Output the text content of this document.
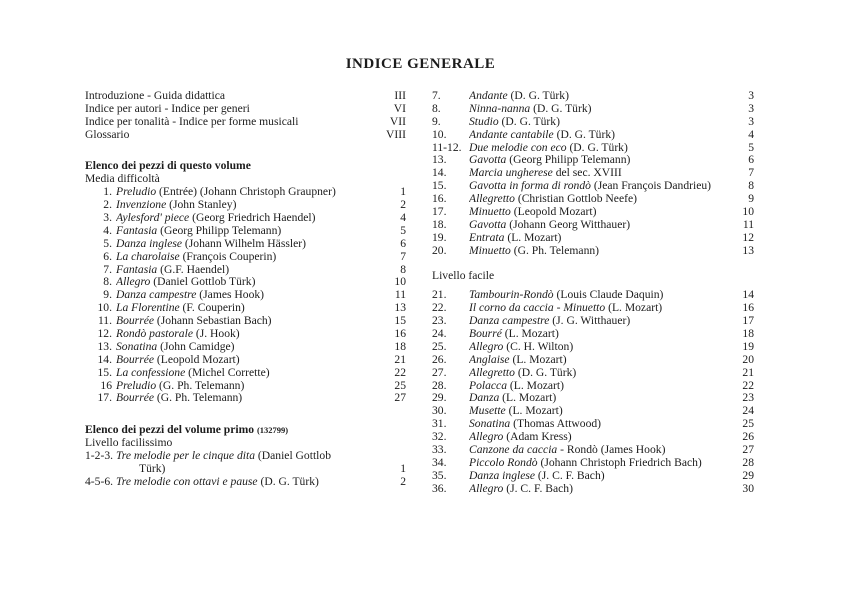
INDICE GENERALE
Introduzione - Guida didattica	III
Indice per autori - Indice per generi	VI
Indice per tonalità - Indice per forme musicali	VII
Glossario	VIII
Elenco dei pezzi di questo volume
Media difficoltà
1. Preludio (Entrée) (Johann Christoph Graupner)	1
2. Invenzione (John Stanley)	2
3. Aylesford' piece (Georg Friedrich Haendel)	4
4. Fantasia (Georg Philipp Telemann)	5
5. Danza inglese (Johann Wilhelm Hässler)	6
6. La charolaise (François Couperin)	7
7. Fantasia (G.F. Haendel)	8
8. Allegro (Daniel Gottlob Türk)	10
9. Danza campestre (James Hook)	11
10. La Florentine (F. Couperin)	13
11. Bourrée (Johann Sebastian Bach)	15
12. Rondò pastorale (J. Hook)	16
13. Sonatina (John Camidge)	18
14. Bourrée (Leopold Mozart)	21
15. La confessione (Michel Corrette)	22
16 Preludio (G. Ph. Telemann)	25
17. Bourrée (G. Ph. Telemann)	27
Elenco dei pezzi del volume primo (132799)
Livello facilissimo
1-2-3. Tre melodie per le cinque dita (Daniel Gottlob
Türk)	1
4-5-6. Tre melodie con ottavi e pause (D. G. Türk)	2
7.	Andante (D. G. Türk)	3
8.	Ninna-nanna (D. G. Türk)	3
9.	Studio (D. G. Türk)	3
10.	Andante cantabile (D. G. Türk)	4
11-12. Due melodie con eco (D. G. Türk)	5
13.	Gavotta (Georg Philipp Telemann)	6
14.	Marcia ungherese del sec. XVIII	7
15.	Gavotta in forma di rondò (Jean François Dandrieu)	8
16.	Allegretto (Christian Gottlob Neefe)	9
17.	Minuetto (Leopold Mozart)	10
18.	Gavotta (Johann Georg Witthauer)	11
19.	Entrata (L. Mozart)	12
20.	Minuetto (G. Ph. Telemann)	13
Livello facile
21.	Tambourin-Rondò (Louis Claude Daquin)	14
22.	Il corno da caccia - Minuetto (L. Mozart)	16
23.	Danza campestre (J. G. Witthauer)	17
24.	Bourré (L. Mozart)	18
25.	Allegro (C. H. Wilton)	19
26.	Anglaise (L. Mozart)	20
27.	Allegretto (D. G. Türk)	21
28.	Polacca (L. Mozart)	22
29.	Danza (L. Mozart)	23
30.	Musette (L. Mozart)	24
31.	Sonatina (Thomas Attwood)	25
32.	Allegro (Adam Kress)	26
33.	Canzone da caccia - Rondò (James Hook)	27
34.	Piccolo Rondò (Johann Christoph Friedrich Bach)	28
35.	Danza inglese (J. C. F. Bach)	29
36.	Allegro (J. C. F. Bach)	30
